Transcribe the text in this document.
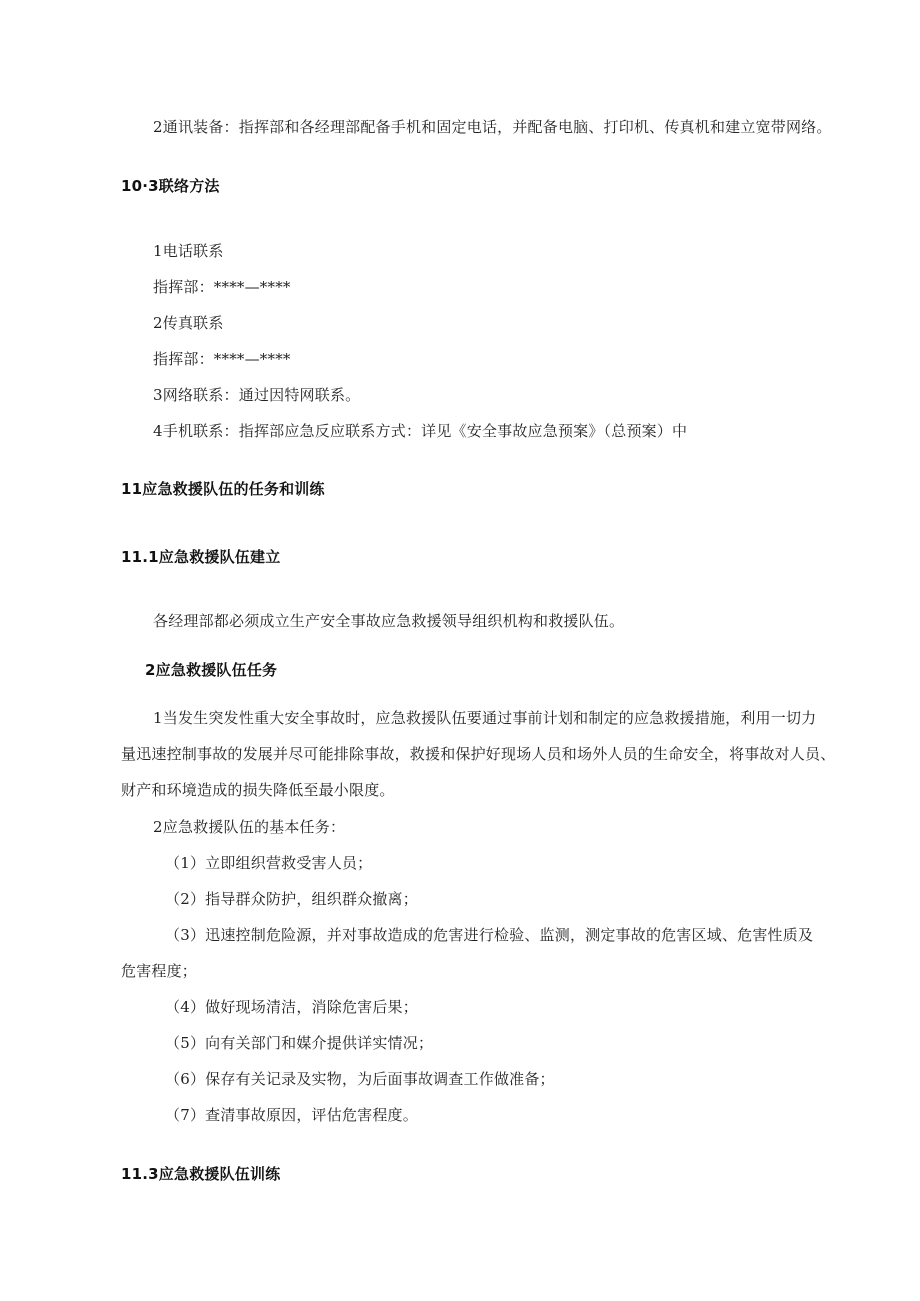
2通讯装备：指挥部和各经理部配备手机和固定电话，并配备电脑、打印机、传真机和建立宽带网络。
10·3联络方法
1电话联系
指挥部：****—****
2传真联系
指挥部：****—****
3网络联系：通过因特网联系。
4手机联系：指挥部应急反应联系方式：详见《安全事故应急预案》（总预案）中
11应急救援队伍的任务和训练
11.1应急救援队伍建立
各经理部都必须成立生产安全事故应急救援领导组织机构和救援队伍。
2应急救援队伍任务
1当发生突发性重大安全事故时，应急救援队伍要通过事前计划和制定的应急救援措施，利用一切力
量迅速控制事故的发展并尽可能排除事故，救援和保护好现场人员和场外人员的生命安全，将事故对人员、
财产和环境造成的损失降低至最小限度。
2应急救援队伍的基本任务：
（1）立即组织营救受害人员；
（2）指导群众防护，组织群众撤离；
（3）迅速控制危险源，并对事故造成的危害进行检验、监测，测定事故的危害区域、危害性质及
危害程度；
（4）做好现场清洁，消除危害后果；
（5）向有关部门和媒介提供详实情况；
（6）保存有关记录及实物，为后面事故调查工作做准备；
（7）查清事故原因，评估危害程度。
11.3应急救援队伍训练
